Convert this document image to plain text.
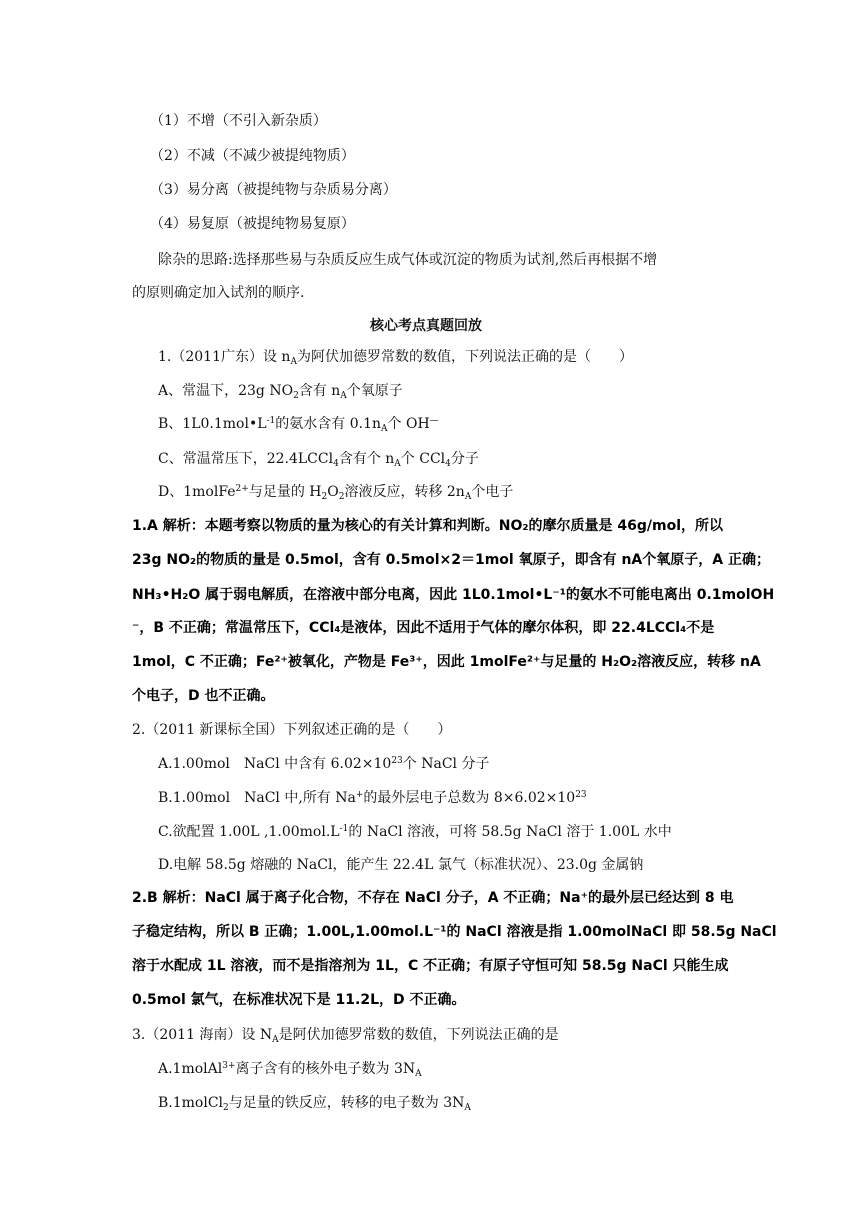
（1）不增（不引入新杂质）
（2）不减（不减少被提纯物质）
（3）易分离（被提纯物与杂质易分离）
（4）易复原（被提纯物易复原）
除杂的思路:选择那些易与杂质反应生成气体或沉淀的物质为试剂,然后再根据不增
的原则确定加入试剂的顺序.
核心考点真题回放
1.（2011广东）设 $n_A$为阿伏加德罗常数的数值，下列说法正确的是（　　）
A、常温下，23g $NO_2$含有 $n_A$个氧原子
B、$1L0.1mol•L^{-1}$的氨水含有 $0.1n_A$个 OH—
C、常温常压下，22.4LCCl$_4$含有个 $n_A$个 CCl$_4$分子
D、1molFe$^{2+}$与足量的 $H_2O_2$溶液反应，转移 $2n_A$个电子
1.A 解析：本题考察以物质的量为核心的有关计算和判断。NO₂的摩尔质量是 46g/mol，所以
23g NO₂的物质的量是 0.5mol，含有 0.5mol×2＝1mol 氧原子，即含有 nA个氧原子，A 正确；
NH₃•H₂O 属于弱电解质，在溶液中部分电离，因此 1L0.1mol•L⁻¹的氨水不可能电离出 0.1molOH
⁻，B 不正确；常温常压下，CCl₄是液体，因此不适用于气体的摩尔体积，即 22.4LCCl₄不是
1mol，C 不正确；Fe²⁺被氧化，产物是 Fe³⁺，因此 1molFe²⁺与足量的 H₂O₂溶液反应，转移 nA
个电子，D 也不正确。
2.（2011 新课标全国）下列叙述正确的是（　　）
A.1.00mol　NaCl 中含有 $6.02\times 10^{23}$个 NaCl 分子
B.1.00mol　NaCl 中,所有 Na+的最外层电子总数为 $8\times 6.02\times 10^{23}$
C.欲配置 1.00L $,1.00mol.L^{-1}$的 NaCl 溶液，可将 58.5g NaCl 溶于 1.00L 水中
D.电解 58.5g 熔融的 NaCl，能产生 22.4L 氯气（标准状况）、23.0g 金属钠
2.B 解析：NaCl 属于离子化合物，不存在 NaCl 分子，A 不正确；Na⁺的最外层已经达到 8 电
子稳定结构，所以 B 正确；1.00L,1.00mol.L⁻¹的 NaCl 溶液是指 1.00molNaCl 即 58.5g NaCl
溶于水配成 1L 溶液，而不是指溶剂为 1L，C 不正确；有原子守恒可知 58.5g NaCl 只能生成
0.5mol 氯气，在标准状况下是 11.2L，D 不正确。
3.（2011 海南）设 $N_A$是阿伏加德罗常数的数值，下列说法正确的是
A.1molAl$^{3+}$离子含有的核外电子数为 $3N_A$
B.1molCl$_2$与足量的铁反应，转移的电子数为 $3N_A$
